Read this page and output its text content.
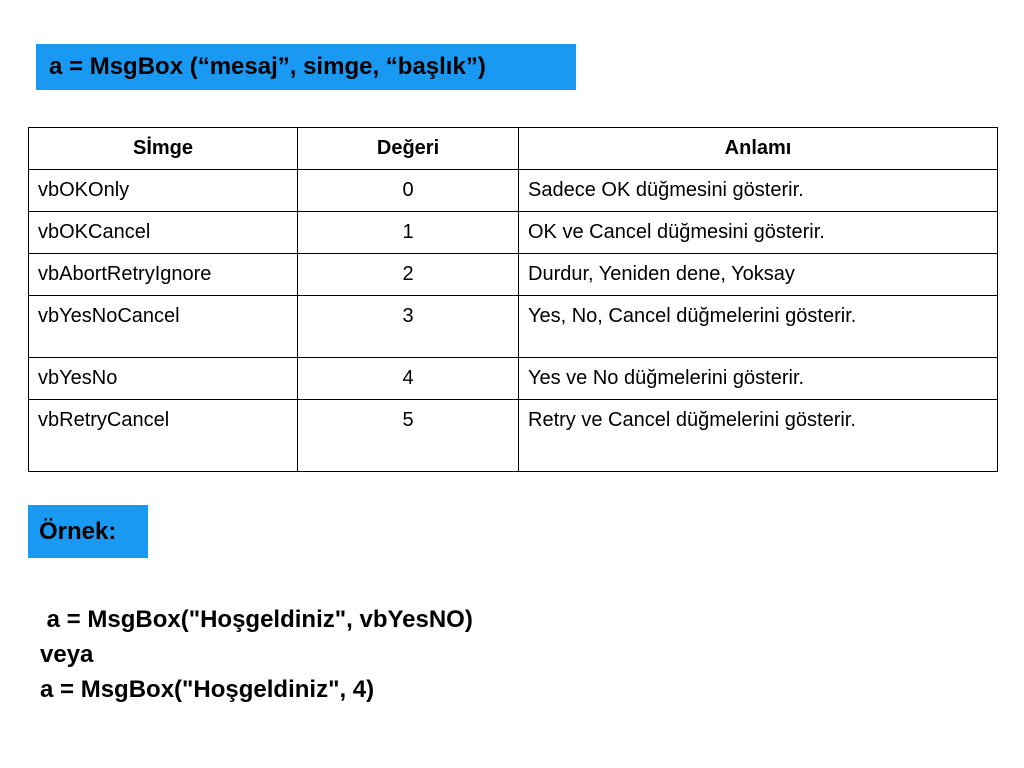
a = MsgBox (“mesaj”, simge, “başlık”)
Sİmge	Değeri	Anlamı
vbOKOnly	0	Sadece OK düğmesini gösterir.
vbOKCancel	1	OK ve Cancel düğmesini gösterir.
vbAbortRetryIgnore	2	Durdur, Yeniden dene, Yoksay
vbYesNoCancel	3	Yes, No, Cancel düğmelerini gösterir.
vbYesNo	4	Yes ve No düğmelerini gösterir.
vbRetryCancel	5	Retry ve Cancel düğmelerini gösterir.
Örnek:
a = MsgBox("Hoşgeldiniz", vbYesNO)
veya
a = MsgBox("Hoşgeldiniz", 4)
